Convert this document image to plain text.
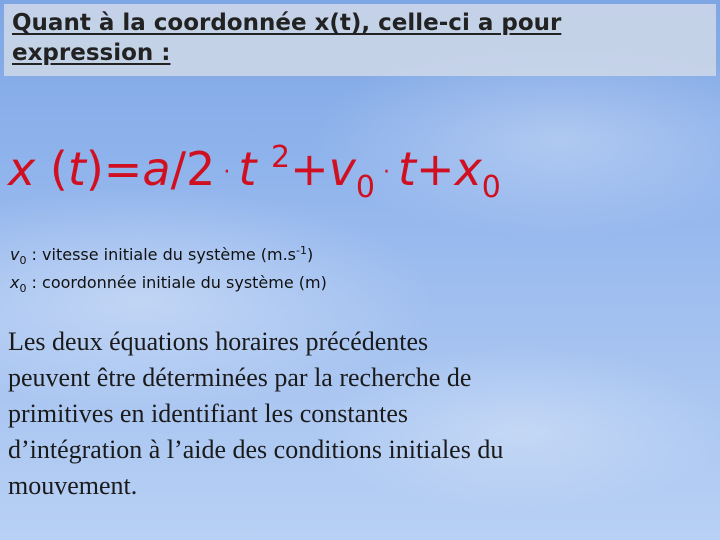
Quant à la coordonnée x(t), celle-ci a pour expression :

x (t)=a/2 · t $^2+v_0 \cdot t+x_0$
$v_0$ : vitesse initiale du système $(m.s^{-1})$
$x_0$ : coordonnée initiale du système (m)
Les deux équations horaires précédentes
peuvent être déterminées par la recherche de
primitives en identifiant les constantes
d’intégration à l’aide des conditions initiales du
mouvement.
